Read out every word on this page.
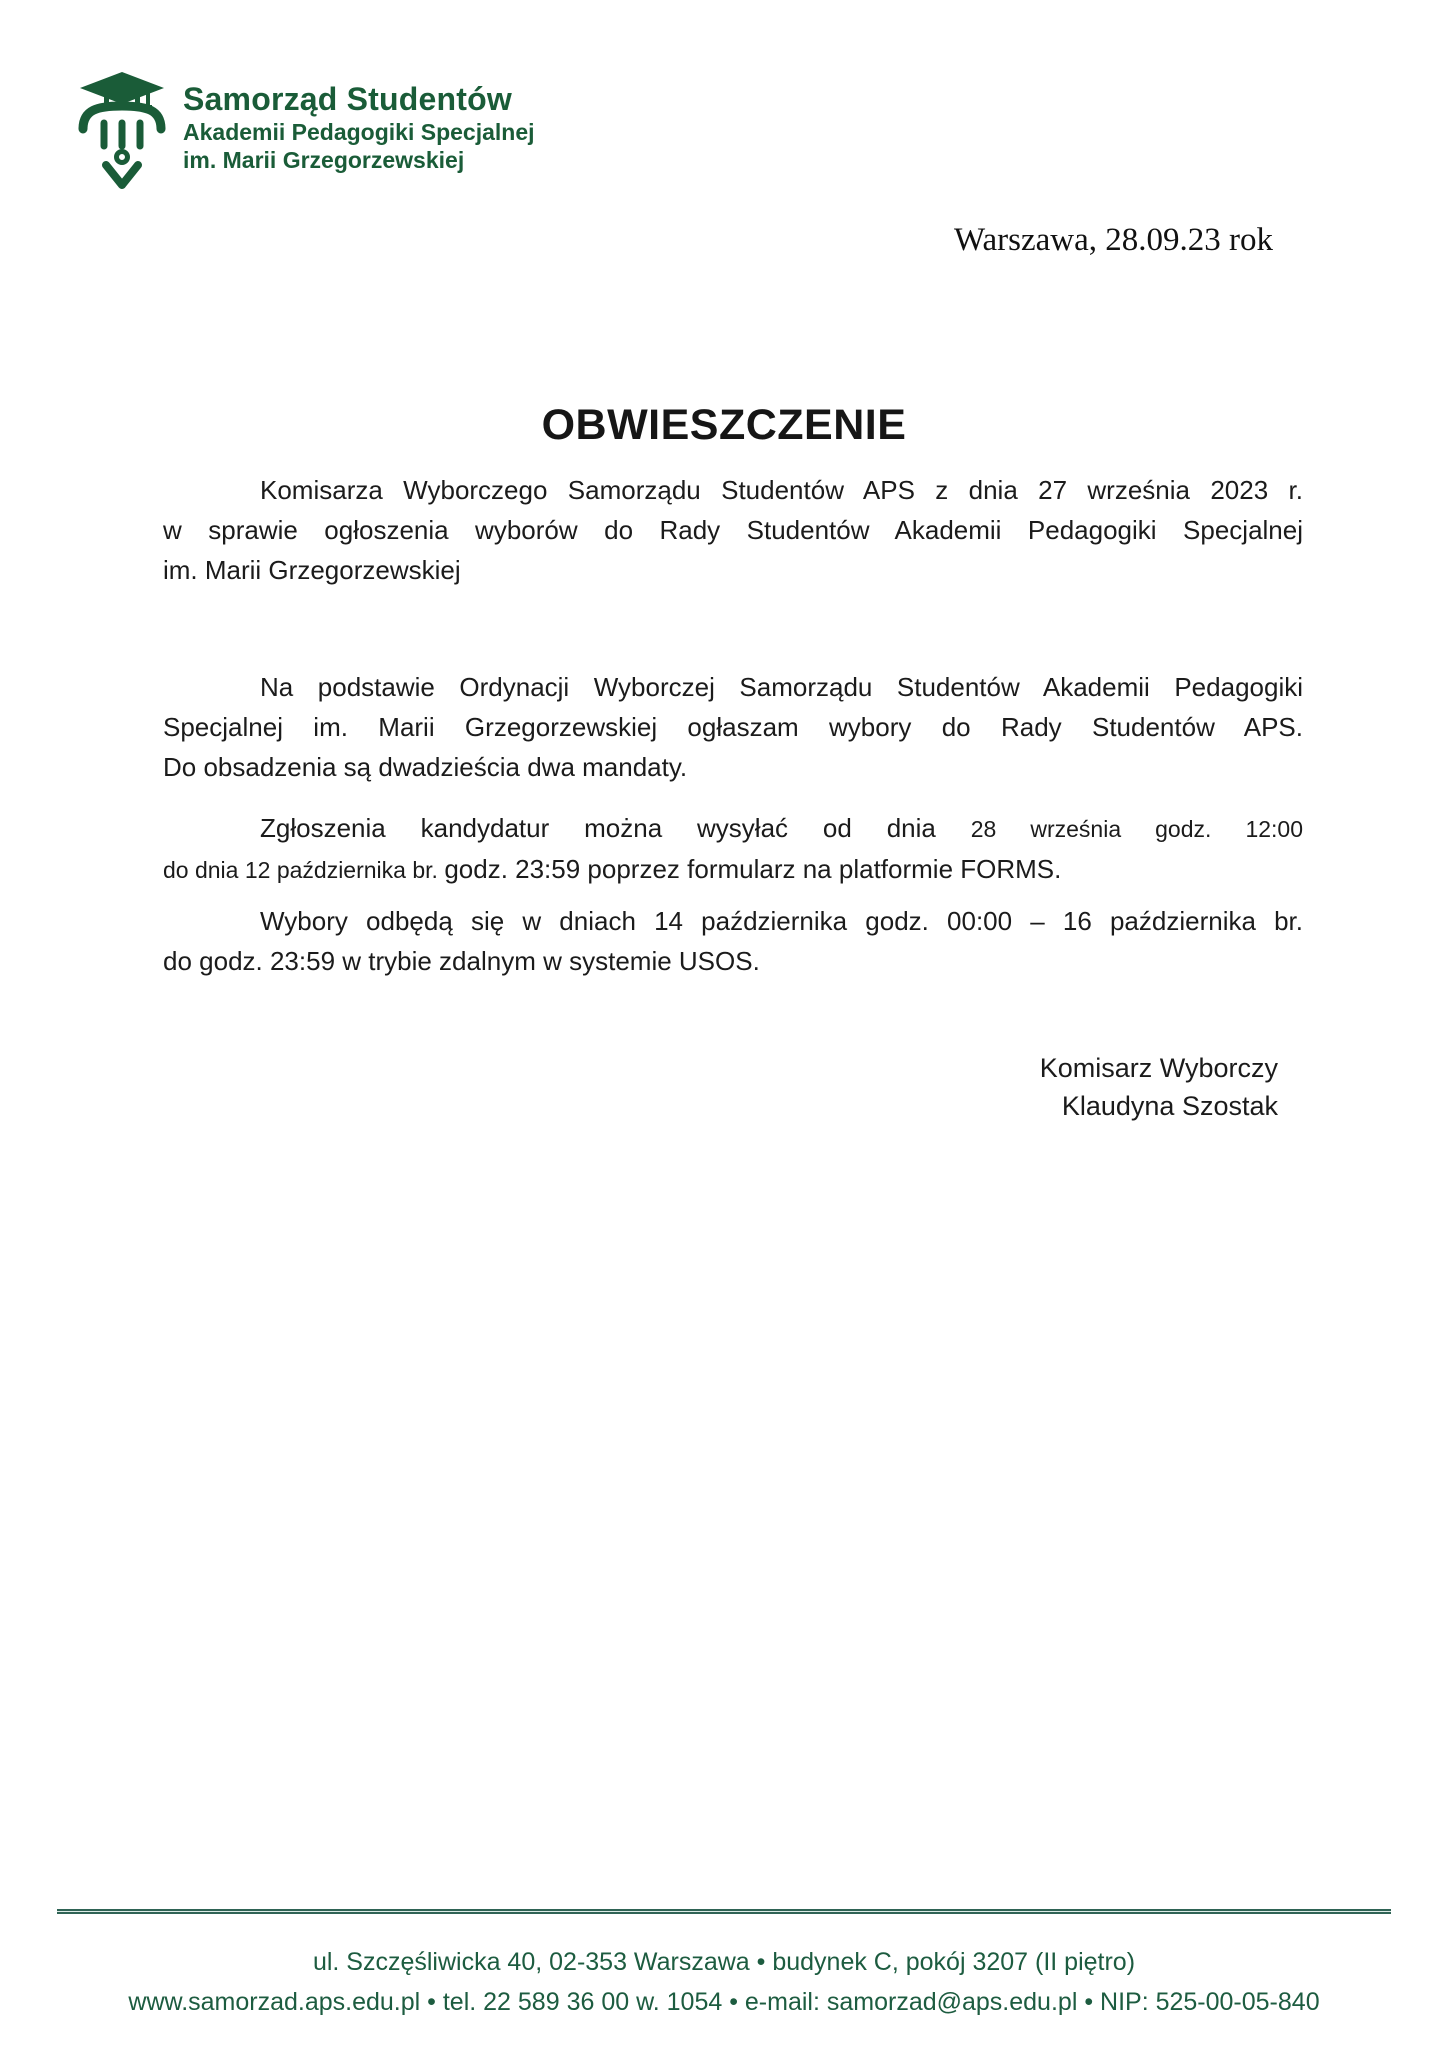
Samorząd Studentów
Akademii Pedagogiki Specjalnej
im. Marii Grzegorzewskiej
Warszawa, 28.09.23 rok
OBWIESZCZENIE
Komisarza Wyborczego Samorządu Studentów APS z dnia 27 września 2023 r.
w sprawie ogłoszenia wyborów do Rady Studentów Akademii Pedagogiki Specjalnej
im. Marii Grzegorzewskiej
Na podstawie Ordynacji Wyborczej Samorządu Studentów Akademii Pedagogiki
Specjalnej im. Marii Grzegorzewskiej ogłaszam wybory do Rady Studentów APS.
Do obsadzenia są dwadzieścia dwa mandaty.
Zgłoszenia kandydatur można wysyłać od dnia 28 września godz. 12:00
do dnia 12 października br. godz. 23:59 poprzez formularz na platformie FORMS.
Wybory odbędą się w dniach 14 października godz. 00:00 – 16 października br.
do godz. 23:59 w trybie zdalnym w systemie USOS.
Komisarz Wyborczy
Klaudyna Szostak
ul. Szczęśliwicka 40, 02-353 Warszawa • budynek C, pokój 3207 (II piętro)
www.samorzad.aps.edu.pl • tel. 22 589 36 00 w. 1054 • e-mail: samorzad@aps.edu.pl • NIP: 525-00-05-840
